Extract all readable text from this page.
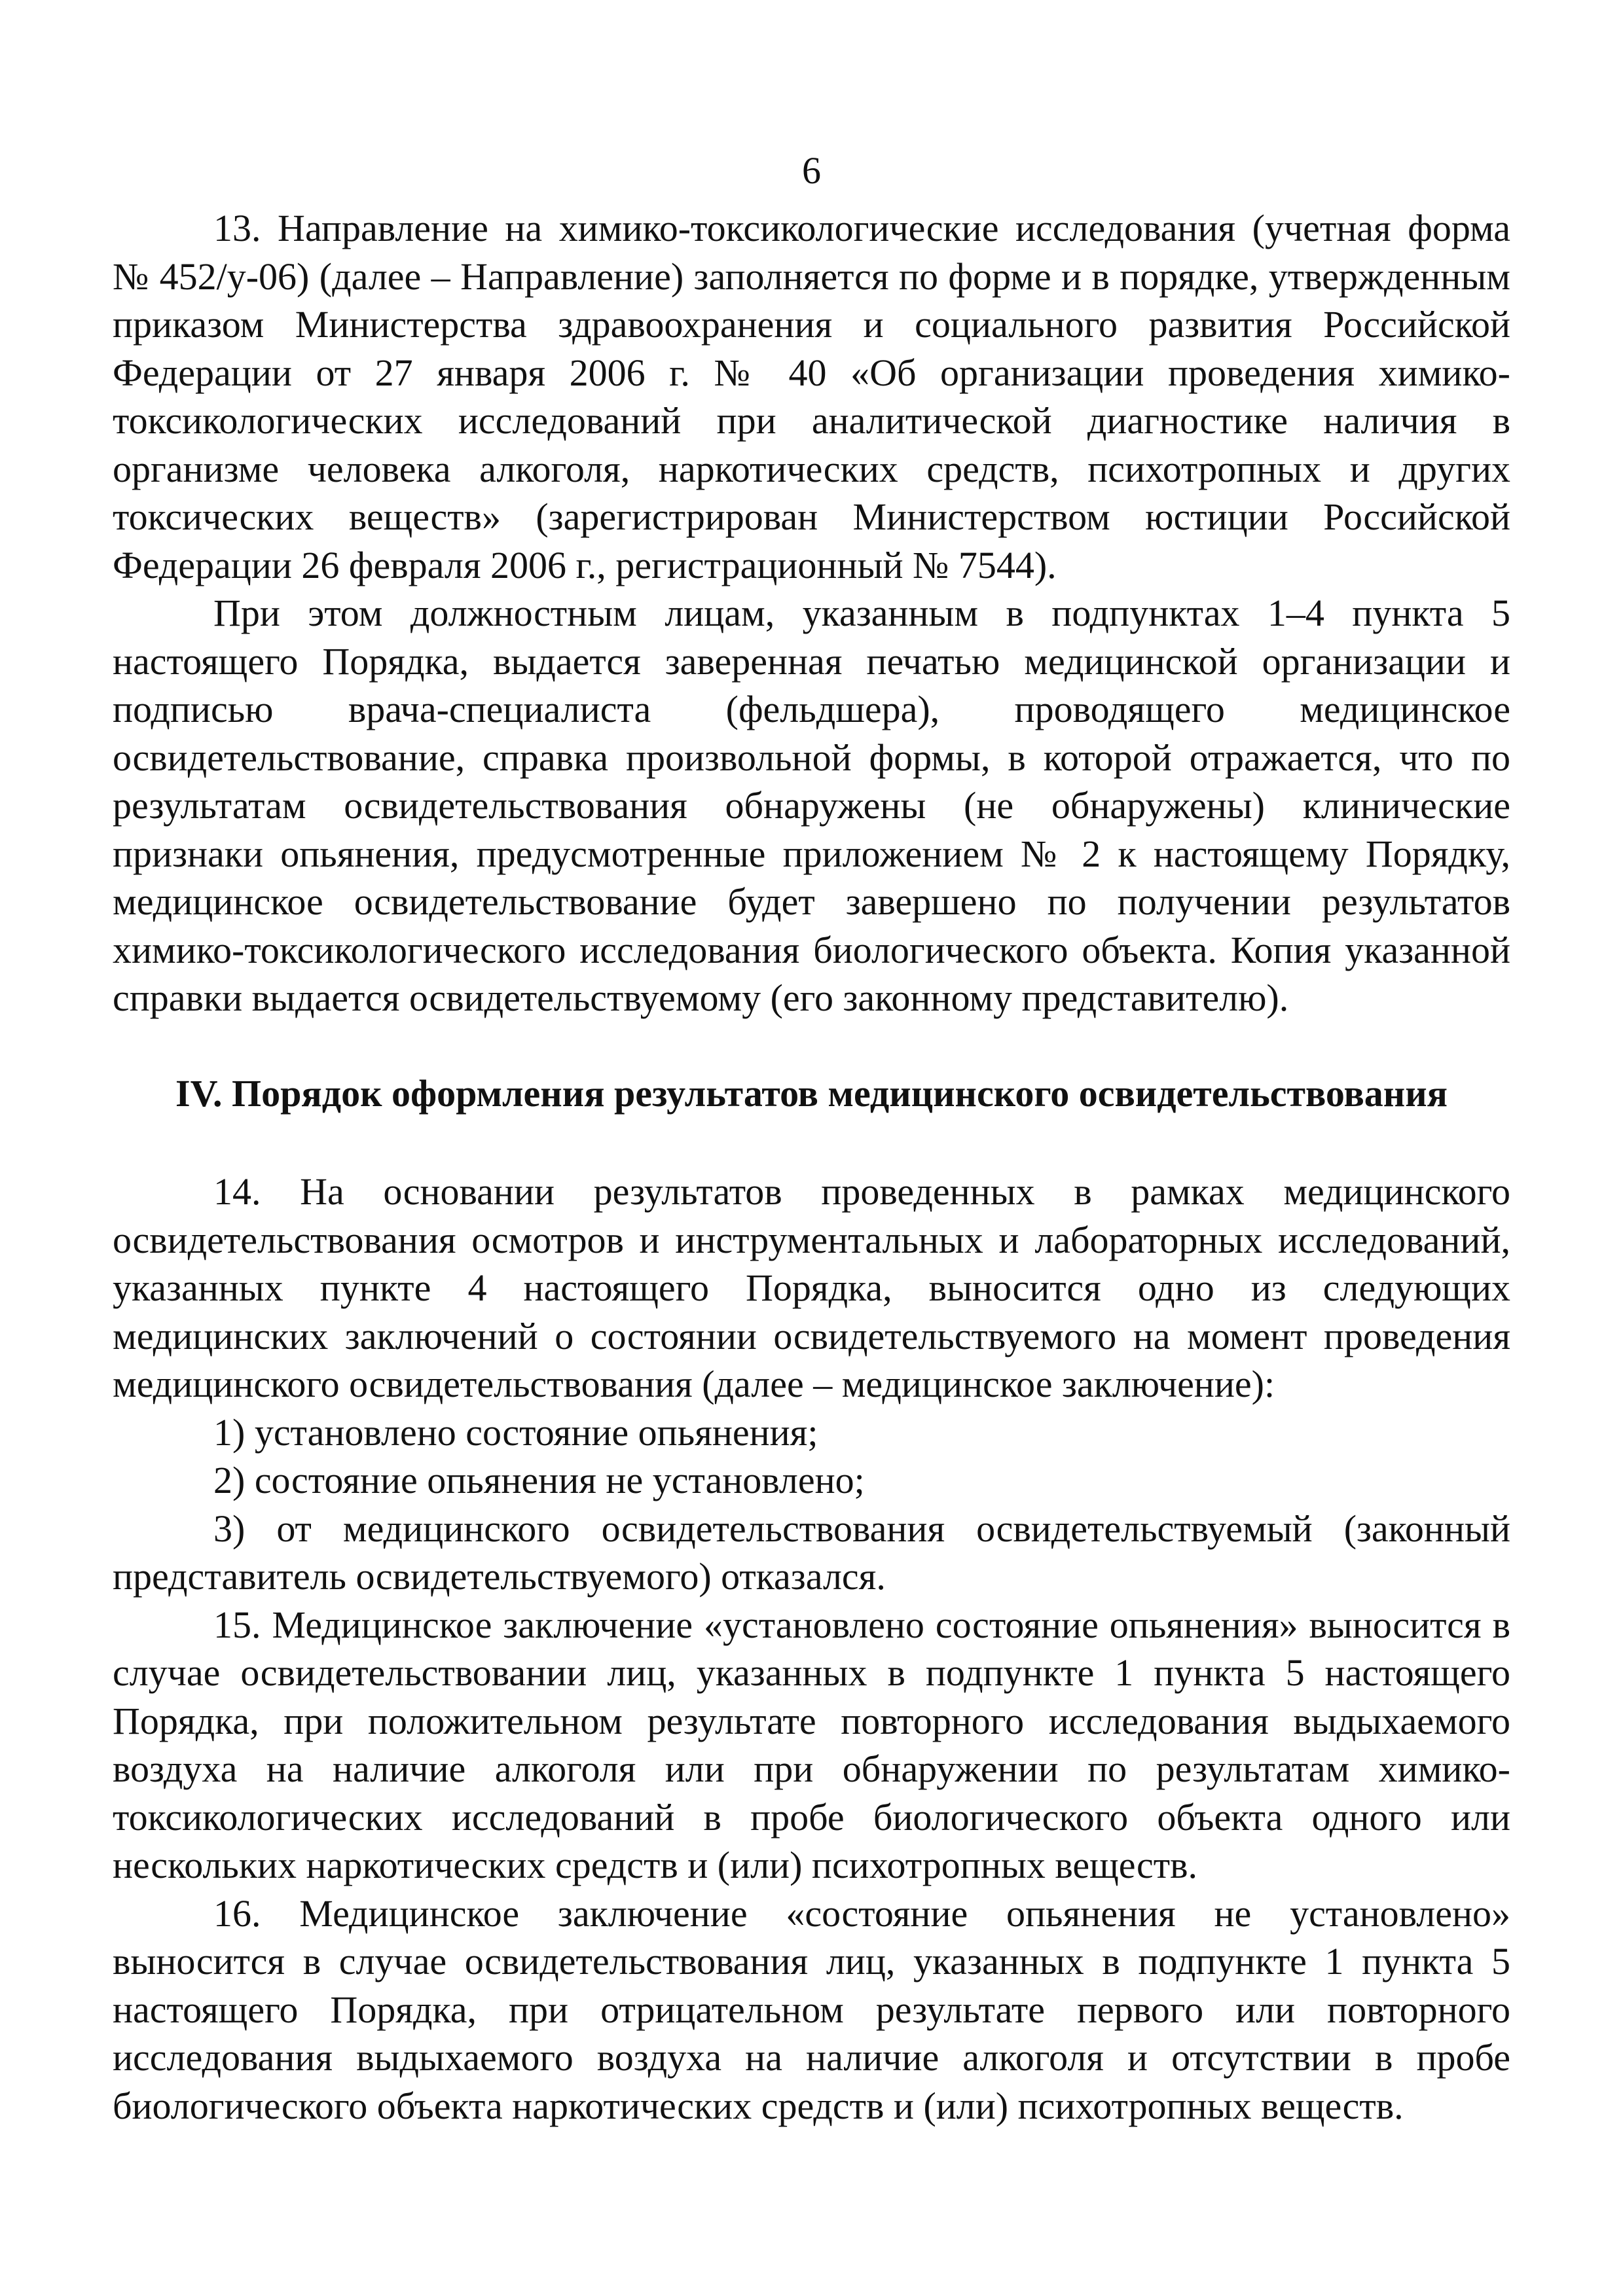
6

13. Направление на химико-токсикологические исследования (учетная форма № 452/у-06) (далее – Направление) заполняется по форме и в порядке, утвержденным приказом Министерства здравоохранения и социального развития Российской Федерации от 27 января 2006 г. № 40 «Об организации проведения химико-токсикологических исследований при аналитической диагностике наличия в организме человека алкоголя, наркотических средств, психотропных и других токсических веществ» (зарегистрирован Министерством юстиции Российской Федерации 26 февраля 2006 г., регистрационный № 7544).

При этом должностным лицам, указанным в подпунктах 1–4 пункта 5 настоящего Порядка, выдается заверенная печатью медицинской организации и подписью врача-специалиста (фельдшера), проводящего медицинское освидетельствование, справка произвольной формы, в которой отражается, что по результатам освидетельствования обнаружены (не обнаружены) клинические признаки опьянения, предусмотренные приложением № 2 к настоящему Порядку, медицинское освидетельствование будет завершено по получении результатов химико-токсикологического исследования биологического объекта. Копия указанной справки выдается освидетельствуемому (его законному представителю).

IV. Порядок оформления результатов медицинского освидетельствования

14. На основании результатов проведенных в рамках медицинского освидетельствования осмотров и инструментальных и лабораторных исследований, указанных пункте 4 настоящего Порядка, выносится одно из следующих медицинских заключений о состоянии освидетельствуемого на момент проведения медицинского освидетельствования (далее – медицинское заключение):

1) установлено состояние опьянения;

2) состояние опьянения не установлено;

3) от медицинского освидетельствования освидетельствуемый (законный представитель освидетельствуемого) отказался.

15. Медицинское заключение «установлено состояние опьянения» выносится в случае освидетельствовании лиц, указанных в подпункте 1 пункта 5 настоящего Порядка, при положительном результате повторного исследования выдыхаемого воздуха на наличие алкоголя или при обнаружении по результатам химико-токсикологических исследований в пробе биологического объекта одного или нескольких наркотических средств и (или) психотропных веществ.

16. Медицинское заключение «состояние опьянения не установлено» выносится в случае освидетельствования лиц, указанных в подпункте 1 пункта 5 настоящего Порядка, при отрицательном результате первого или повторного исследования выдыхаемого воздуха на наличие алкоголя и отсутствии в пробе биологического объекта наркотических средств и (или) психотропных веществ.
